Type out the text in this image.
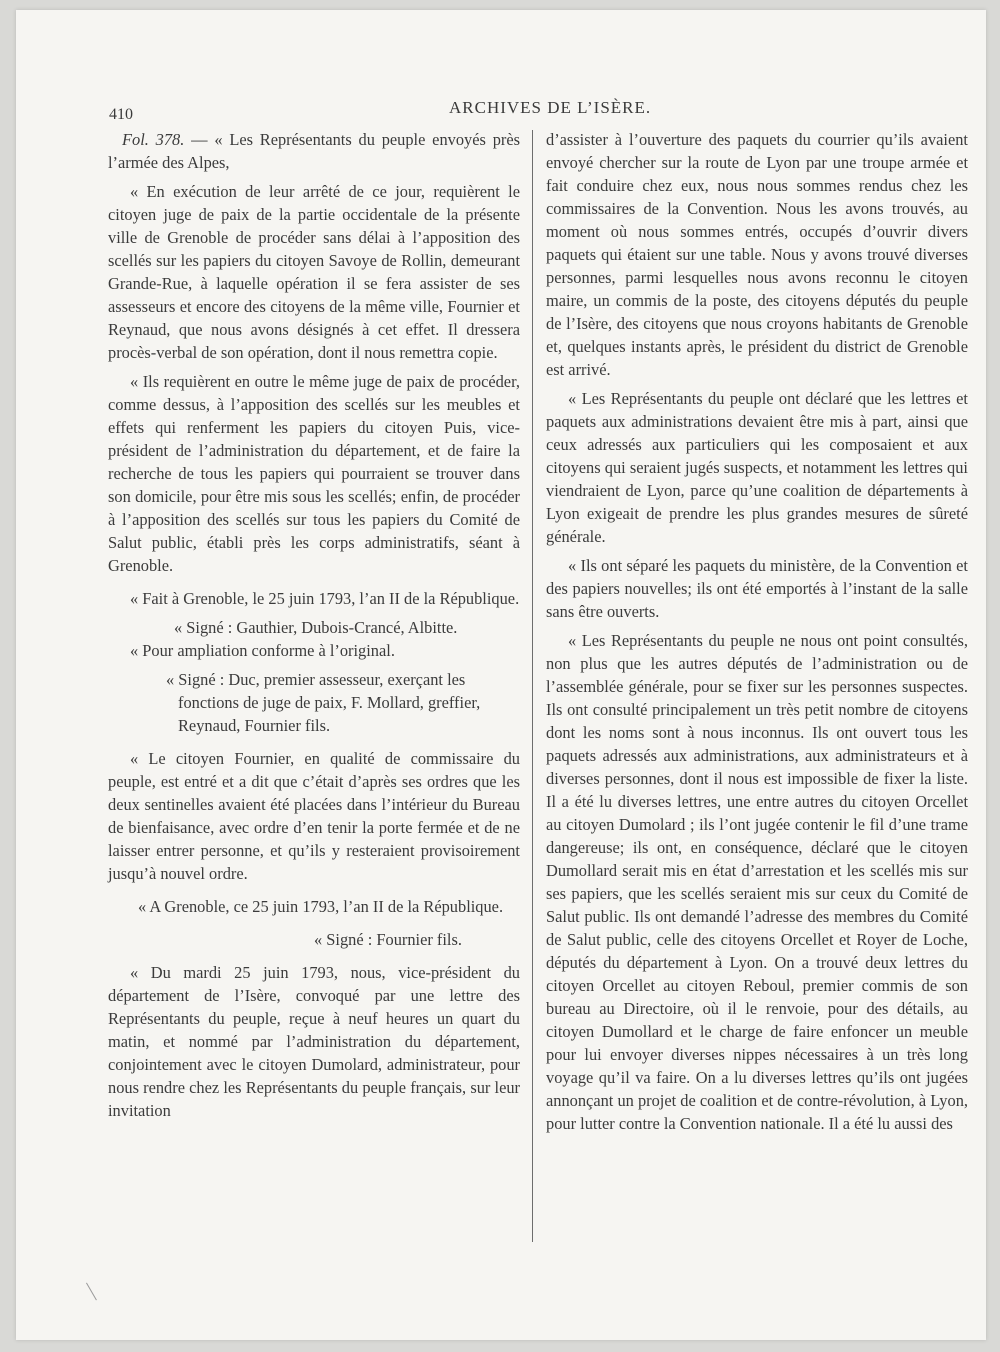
410	ARCHIVES DE L’ISÈRE.

Fol. 378. — « Les Représentants du peuple envoyés près l’armée des Alpes,

« En exécution de leur arrêté de ce jour, requièrent le citoyen juge de paix de la partie occidentale de la présente ville de Grenoble de procéder sans délai à l’apposition des scellés sur les papiers du citoyen Savoye de Rollin, demeurant Grande-Rue, à laquelle opération il se fera assister de ses assesseurs et encore des citoyens de la même ville, Fournier et Reynaud, que nous avons désignés à cet effet. Il dressera procès-verbal de son opération, dont il nous remettra copie.

« Ils requièrent en outre le même juge de paix de procéder, comme dessus, à l’apposition des scellés sur les meubles et effets qui renferment les papiers du citoyen Puis, vice-président de l’administration du département, et de faire la recherche de tous les papiers qui pourraient se trouver dans son domicile, pour être mis sous les scellés; enfin, de procéder à l’apposition des scellés sur tous les papiers du Comité de Salut public, établi près les corps administratifs, séant à Grenoble.

« Fait à Grenoble, le 25 juin 1793, l’an II de la République.

« Signé : Gauthier, Dubois-Crancé, Albitte.

« Pour ampliation conforme à l’original.

« Signé : Duc, premier assesseur, exerçant les fonctions de juge de paix, F. Mollard, greffier, Reynaud, Fournier fils.

« Le citoyen Fournier, en qualité de commissaire du peuple, est entré et a dit que c’était d’après ses ordres que les deux sentinelles avaient été placées dans l’intérieur du Bureau de bienfaisance, avec ordre d’en tenir la porte fermée et de ne laisser entrer personne, et qu’ils y resteraient provisoirement jusqu’à nouvel ordre.

« A Grenoble, ce 25 juin 1793, l’an II de la République.

« Signé : Fournier fils.

« Du mardi 25 juin 1793, nous, vice-président du département de l’Isère, convoqué par une lettre des Représentants du peuple, reçue à neuf heures un quart du matin, et nommé par l’administration du département, conjointement avec le citoyen Dumolard, administrateur, pour nous rendre chez les Représentants du peuple français, sur leur invitation

d’assister à l’ouverture des paquets du courrier qu’ils avaient envoyé chercher sur la route de Lyon par une troupe armée et fait conduire chez eux, nous nous sommes rendus chez les commissaires de la Convention. Nous les avons trouvés, au moment où nous sommes entrés, occupés d’ouvrir divers paquets qui étaient sur une table. Nous y avons trouvé diverses personnes, parmi lesquelles nous avons reconnu le citoyen maire, un commis de la poste, des citoyens députés du peuple de l’Isère, des citoyens que nous croyons habitants de Grenoble et, quelques instants après, le président du district de Grenoble est arrivé.

« Les Représentants du peuple ont déclaré que les lettres et paquets aux administrations devaient être mis à part, ainsi que ceux adressés aux particuliers qui les composaient et aux citoyens qui seraient jugés suspects, et notamment les lettres qui viendraient de Lyon, parce qu’une coalition de départements à Lyon exigeait de prendre les plus grandes mesures de sûreté générale.

« Ils ont séparé les paquets du ministère, de la Convention et des papiers nouvelles; ils ont été emportés à l’instant de la salle sans être ouverts.

« Les Représentants du peuple ne nous ont point consultés, non plus que les autres députés de l’administration ou de l’assemblée générale, pour se fixer sur les personnes suspectes. Ils ont consulté principalement un très petit nombre de citoyens dont les noms sont à nous inconnus. Ils ont ouvert tous les paquets adressés aux administrations, aux administrateurs et à diverses personnes, dont il nous est impossible de fixer la liste. Il a été lu diverses lettres, une entre autres du citoyen Orcellet au citoyen Dumolard ; ils l’ont jugée contenir le fil d’une trame dangereuse; ils ont, en conséquence, déclaré que le citoyen Dumollard serait mis en état d’arrestation et les scellés mis sur ses papiers, que les scellés seraient mis sur ceux du Comité de Salut public. Ils ont demandé l’adresse des membres du Comité de Salut public, celle des citoyens Orcellet et Royer de Loche, députés du département à Lyon. On a trouvé deux lettres du citoyen Orcellet au citoyen Reboul, premier commis de son bureau au Directoire, où il le renvoie, pour des détails, au citoyen Dumollard et le charge de faire enfoncer un meuble pour lui envoyer diverses nippes nécessaires à un très long voyage qu’il va faire. On a lu diverses lettres qu’ils ont jugées annonçant un projet de coalition et de contre-révolution, à Lyon, pour lutter contre la Convention nationale. Il a été lu aussi des
